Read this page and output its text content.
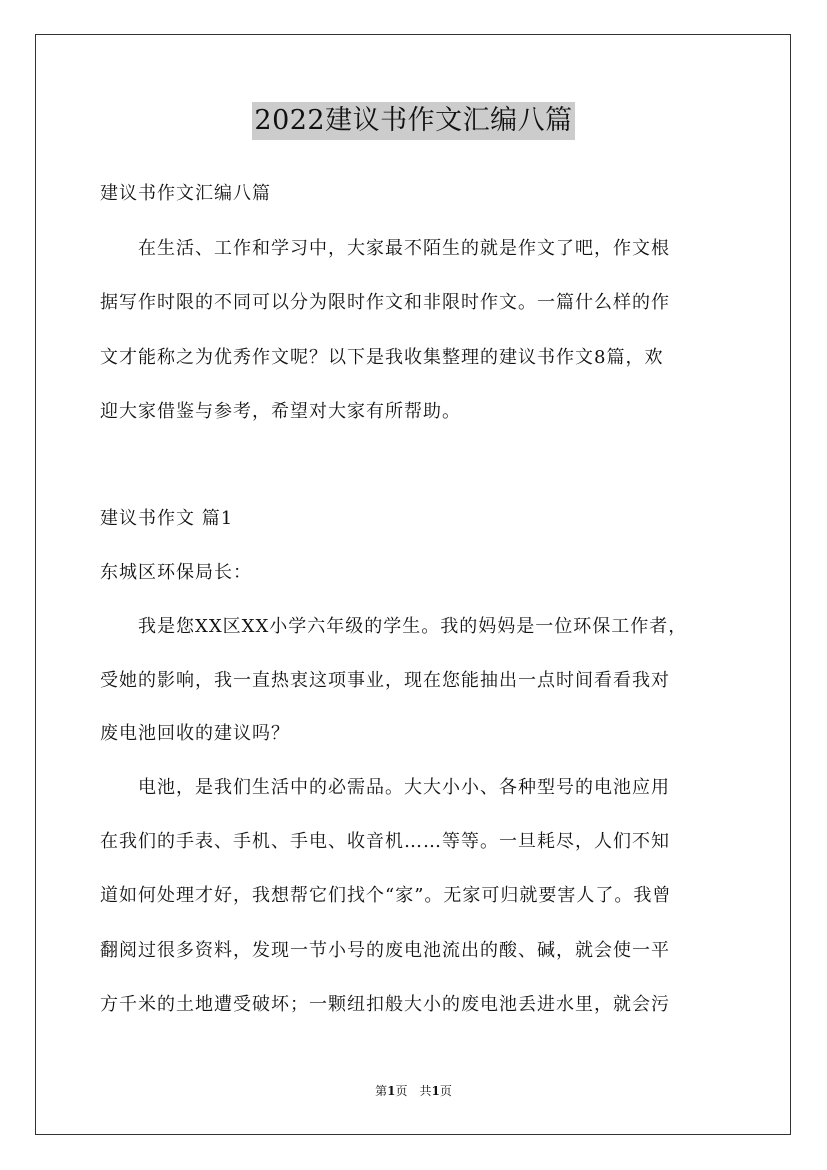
2022建议书作文汇编八篇

建议书作文汇编八篇

　　在生活、工作和学习中，大家最不陌生的就是作文了吧，作文根

据写作时限的不同可以分为限时作文和非限时作文。一篇什么样的作

文才能称之为优秀作文呢？以下是我收集整理的建议书作文8篇，欢

迎大家借鉴与参考，希望对大家有所帮助。

建议书作文 篇1

东城区环保局长：

　　我是您XX区XX小学六年级的学生。我的妈妈是一位环保工作者，

受她的影响，我一直热衷这项事业，现在您能抽出一点时间看看我对

废电池回收的建议吗？

　　电池，是我们生活中的必需品。大大小小、各种型号的电池应用

在我们的手表、手机、手电、收音机……等等。一旦耗尽，人们不知

道如何处理才好，我想帮它们找个“家”。无家可归就要害人了。我曾

翻阅过很多资料，发现一节小号的废电池流出的酸、碱，就会使一平

方千米的土地遭受破坏；一颗纽扣般大小的废电池丢进水里，就会污

第1页　共1页
